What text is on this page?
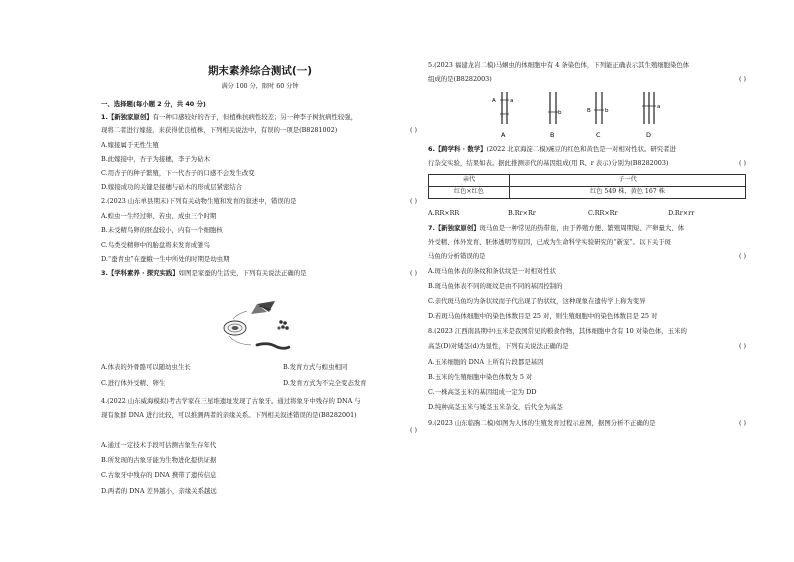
期末素养综合测试(一)
满分 100 分，限时 60 分钟
一、选择题(每小题 2 分，共 40 分)
1.【新独家原创】有一种口感较好的杏子，但植株抗病性较差；另一种李子树抗病性较强，
现将二者进行嫁接，来获得优良植株，下列相关说法中，有误的一项是(B8281002)	( )
A.嫁接属于无性生殖
B.此嫁接中，杏子为接穗，李子为砧木
C.用杏子的种子繁殖，下一代杏子的口感不会发生改变
D.嫁接成功的关键是接穗与砧木的形成层紧密结合
2.(2023 山东单县期末)下列有关动物生殖和发育的叙述中，错误的是	( )
A.蝗虫一生经过卵、若虫、成虫三个时期
B.未受精鸟卵的胚盘较小，内有一个细胞核
C.鸟类受精卵中的胎盘将来发育成雏鸟
D.“蚕青虫”在蚕蛾一生中所处的时期是幼虫期
3.【学科素养 · 探究实践】如图是家蚕的生活史，下列有关说法正确的是	( )
A.体表的外骨骼可以随幼虫生长	B.发育方式与蝗虫相同
C.进行体外受精、卵生	D.发育方式为不完全变态发育
4.(2022 山东威海模拟)考古学家在三星堆遗址发现了古象牙。通过将象牙中残存的 DNA 与
现有象群 DNA 进行比较，可以推测两者的亲缘关系。下列相关叙述错误的是(B8282001)
( )
A.通过一定技术手段可估测古象生存年代
B.所发现的古象牙能为生物进化提供证据
C.古象牙中残存的 DNA 携带了遗传信息
D.两者的 DNA 差异越小，亲缘关系越远
5.(2023 福建龙岩二模)马蛔虫的体细胞中有 4 条染色体，下列能正确表示其生殖细胞染色体
组成的是(B8282003)	( )
A	a
A
b
B
B	b
C
a
D
6.【跨学科 · 数学】(2022 北京海淀二模)豌豆的红色和黄色是一对相对性状。研究者进
行杂交实验，结果如表。据此推测亲代的基因组成(用 R、r 表示)分别为(B8282003)	( )
亲代	子一代
红色×红色	红色 549 株，黄色 167 株
A.RR×RR	B.Rr×Rr	C.RR×Rr	D.Rr×rr
7.【新独家原创】斑马鱼是一种常见的热带鱼，由于养殖方便、繁殖周期短、产卵量大、体
外受精、体外发育、胚体透明等原因，已成为生命科学实验研究的“新宠”。以下关于斑
马鱼的分析错误的是	( )
A.斑马鱼体表的条纹和条状纹是一对相对性状
B.斑马鱼体表不同的斑纹是由不同的基因控制的
C.亲代斑马鱼均为条状纹而子代出现了豹状纹，这种现象在遗传学上称为变异
D.若斑马鱼体细胞中的染色体数目是 25 对，则生殖细胞中的染色体数目是 25 对
8.(2023 江西南昌期中)玉米是我国常见的粮食作物，其体细胞中含有 10 对染色体，玉米的
高茎(D)对矮茎(d)为显性，下列有关说法正确的是	( )
A.玉米细胞的 DNA 上所有片段都是基因
B.玉米的生殖细胞中染色体数为 5 对
C.一株高茎玉米的基因组成一定为 DD
D.纯种高茎玉米与矮茎玉米杂交，后代全为高茎
9.(2023 山东临朐二模)如图为人体的生殖发育过程示意图，据图分析不正确的是	( )
